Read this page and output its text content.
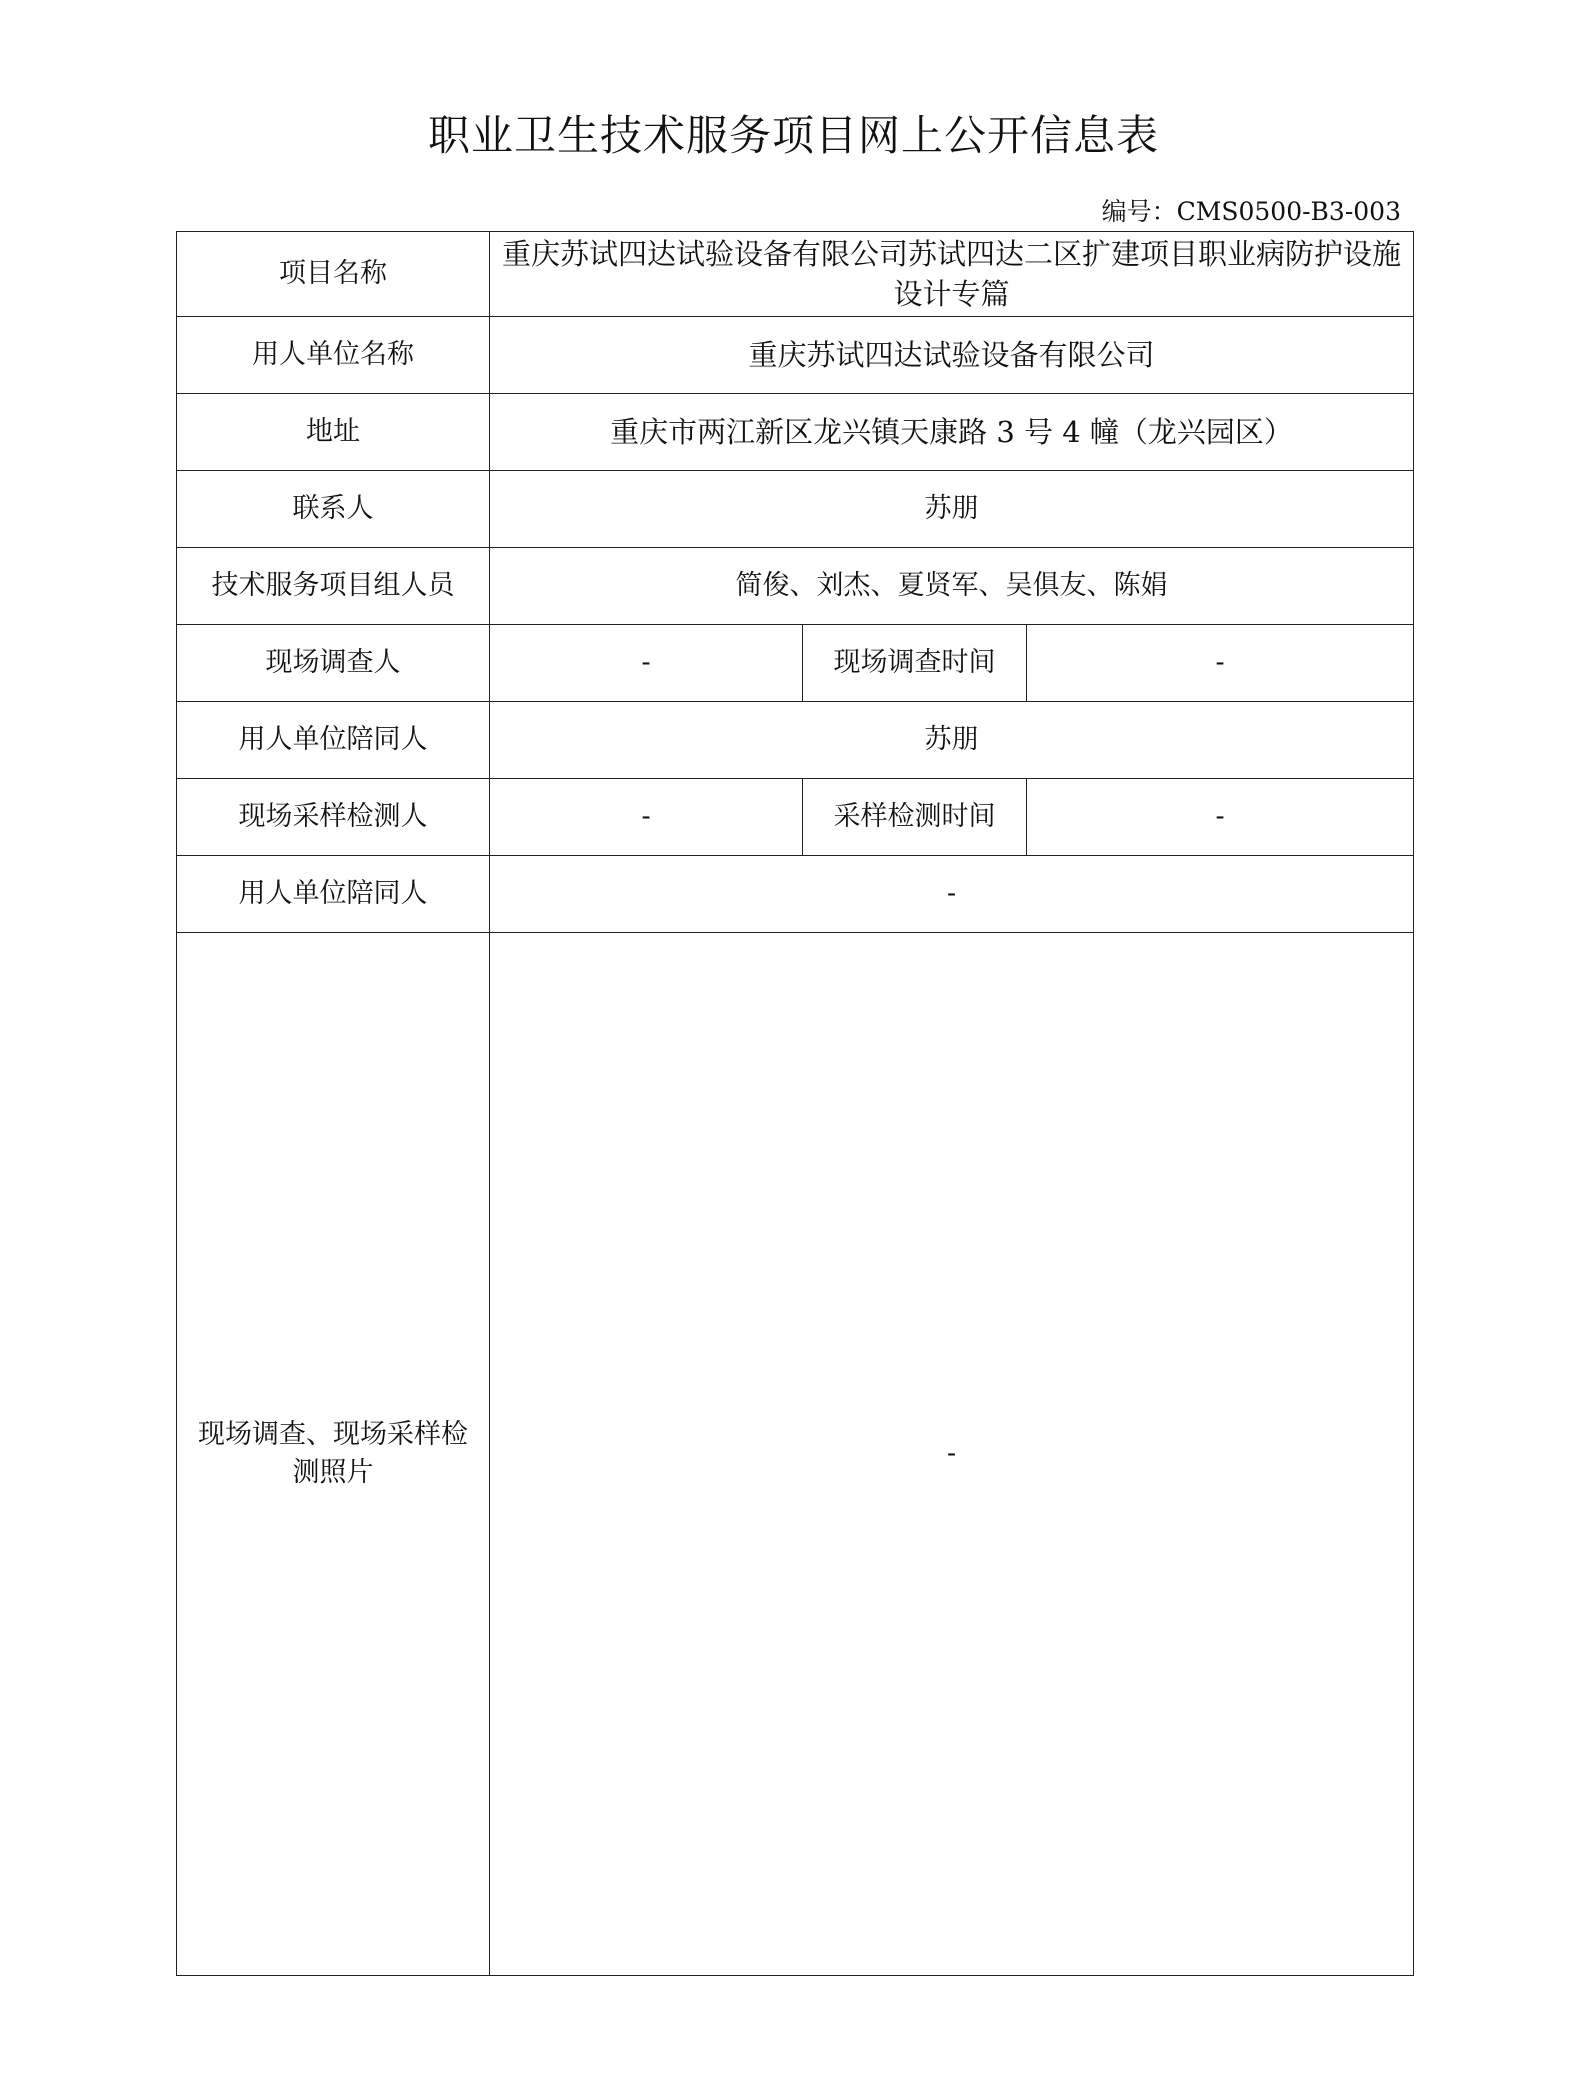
职业卫生技术服务项目网上公开信息表
编号：CMS0500-B3-003
项目名称	重庆苏试四达试验设备有限公司苏试四达二区扩建项目职业病防护设施设计专篇		
用人单位名称	重庆苏试四达试验设备有限公司		
地址	重庆市两江新区龙兴镇天康路 3 号 4 幢（龙兴园区）		
联系人	苏朋		
技术服务项目组人员	简俊、刘杰、夏贤军、吴俱友、陈娟		
现场调查人	-	现场调查时间	-
用人单位陪同人	苏朋		
现场采样检测人	-	采样检测时间	-
用人单位陪同人	-		
现场调查、现场采样检测照片	-		
